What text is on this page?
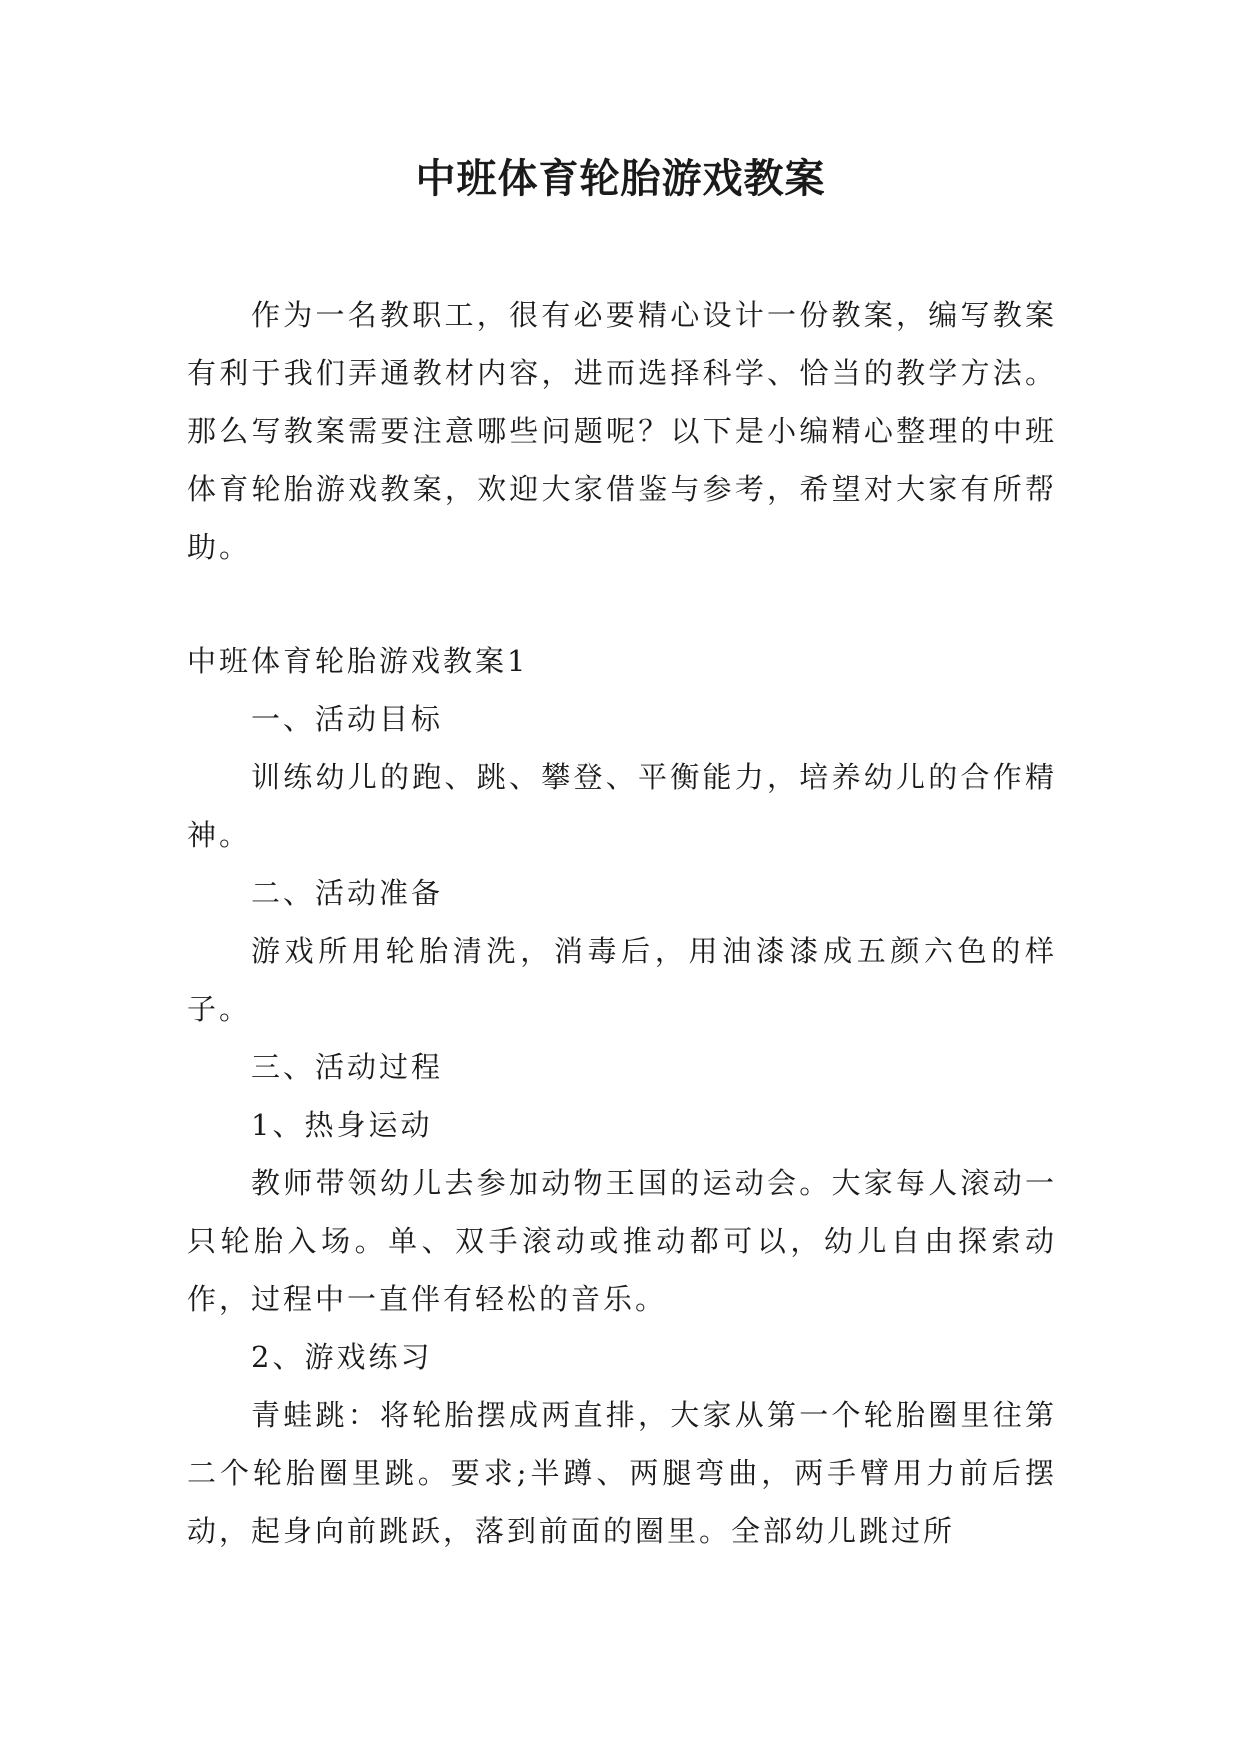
中班体育轮胎游戏教案

作为一名教职工，很有必要精心设计一份教案，编写教案有利于我们弄通教材内容，进而选择科学、恰当的教学方法。那么写教案需要注意哪些问题呢？以下是小编精心整理的中班体育轮胎游戏教案，欢迎大家借鉴与参考，希望对大家有所帮助。

中班体育轮胎游戏教案1

一、活动目标

训练幼儿的跑、跳、攀登、平衡能力，培养幼儿的合作精神。

二、活动准备

游戏所用轮胎清洗，消毒后，用油漆漆成五颜六色的样子。

三、活动过程

1、热身运动

教师带领幼儿去参加动物王国的运动会。大家每人滚动一只轮胎入场。单、双手滚动或推动都可以，幼儿自由探索动作，过程中一直伴有轻松的音乐。

2、游戏练习

青蛙跳：将轮胎摆成两直排，大家从第一个轮胎圈里往第二个轮胎圈里跳。要求;半蹲、两腿弯曲，两手臂用力前后摆动，起身向前跳跃，落到前面的圈里。全部幼儿跳过所
